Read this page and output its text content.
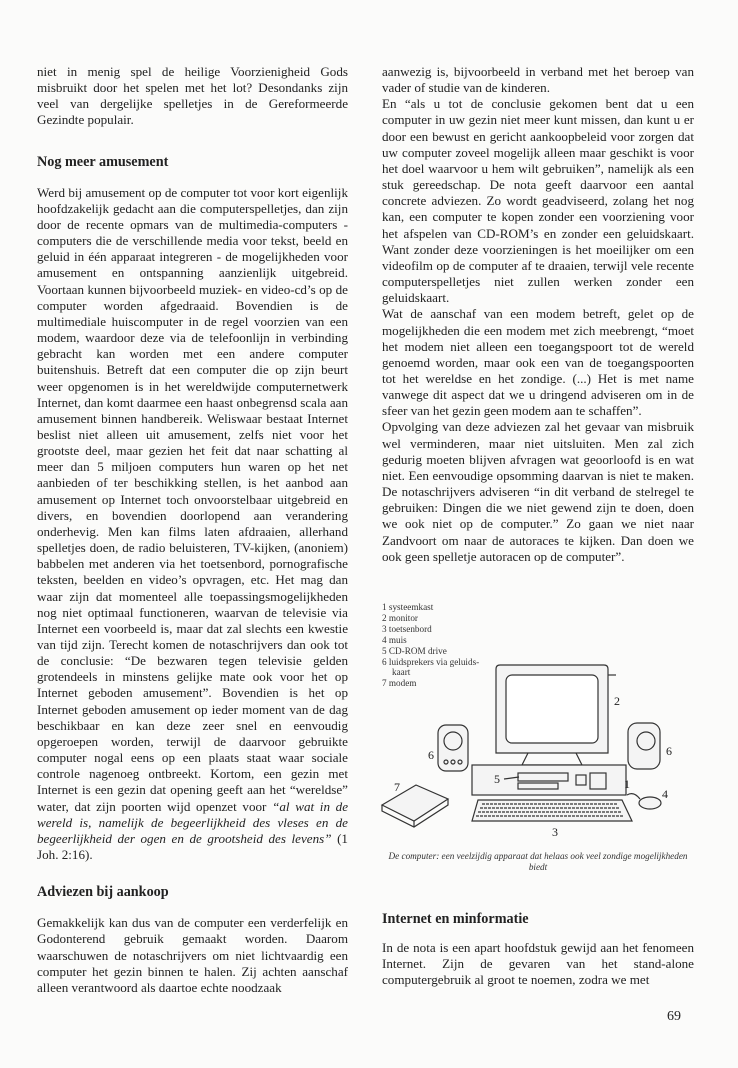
niet in menig spel de heilige Voorzienigheid Gods misbruikt door het spelen met het lot? Desondanks zijn veel van dergelijke spelletjes in de Gereformeerde Gezindte populair.

Nog meer amusement

Werd bij amusement op de computer tot voor kort eigenlijk hoofdzakelijk gedacht aan die computerspelletjes, dan zijn door de recente opmars van de multimedia-computers - computers die de verschillende media voor tekst, beeld en geluid in één apparaat integreren - de mogelijkheden voor amusement en ontspanning aanzienlijk uitgebreid. Voortaan kunnen bijvoorbeeld muziek- en video-cd’s op de computer worden afgedraaid. Bovendien is de multimediale huiscomputer in de regel voorzien van een modem, waardoor deze via de telefoonlijn in verbinding gebracht kan worden met een andere computer buitenshuis. Betreft dat een computer die op zijn beurt weer opgenomen is in het wereldwijde computernetwerk Internet, dan komt daarmee een haast onbegrensd scala aan amusement binnen handbereik. Weliswaar bestaat Internet beslist niet alleen uit amusement, zelfs niet voor het grootste deel, maar gezien het feit dat naar schatting al meer dan 5 miljoen computers hun waren op het net aanbieden of ter beschikking stellen, is het aanbod aan amusement op Internet toch onvoorstelbaar uitgebreid en divers, en bovendien doorlopend aan verandering onderhevig. Men kan films laten afdraaien, allerhand spelletjes doen, de radio beluisteren, TV-kijken, (anoniem) babbelen met anderen via het toetsenbord, pornografische teksten, beelden en video’s opvragen, etc. Het mag dan waar zijn dat momenteel alle toepassingsmogelijkheden nog niet optimaal functioneren, waarvan de televisie via Internet een voorbeeld is, maar dat zal slechts een kwestie van tijd zijn. Terecht komen de notaschrijvers dan ook tot de conclusie: “De bezwaren tegen televisie gelden grotendeels in minstens gelijke mate ook voor het op Internet geboden amusement”. Bovendien is het op Internet geboden amusement op ieder moment van de dag beschikbaar en kan deze zeer snel en eenvoudig opgeroepen worden, terwijl de daarvoor gebruikte computer nogal eens op een plaats staat waar sociale controle nagenoeg ontbreekt. Kortom, een gezin met Internet is een gezin dat opening geeft aan het “wereldse” water, dat zijn poorten wijd openzet voor “al wat in de wereld is, namelijk de begeerlijkheid des vleses en de begeerlijkheid der ogen en de grootsheid des levens” (1 Joh. 2:16).

Adviezen bij aankoop

Gemakkelijk kan dus van de computer een verderfelijk en Godonterend gebruik gemaakt worden. Daarom waarschuwen de notaschrijvers om niet lichtvaardig een computer het gezin binnen te halen. Zij achten aanschaf alleen verantwoord als daartoe echte noodzaak

aanwezig is, bijvoorbeeld in verband met het beroep van vader of studie van de kinderen.

En “als u tot de conclusie gekomen bent dat u een computer in uw gezin niet meer kunt missen, dan kunt u er door een bewust en gericht aankoopbeleid voor zorgen dat uw computer zoveel mogelijk alleen maar geschikt is voor het doel waarvoor u hem wilt gebruiken”, namelijk als een stuk gereedschap. De nota geeft daarvoor een aantal concrete adviezen. Zo wordt geadviseerd, zolang het nog kan, een computer te kopen zonder een voorziening voor het afspelen van CD-ROM’s en zonder een geluidskaart. Want zonder deze voorzieningen is het moeilijker om een videofilm op de computer af te draaien, terwijl vele recente computerspelletjes niet zullen werken zonder een geluidskaart.

Wat de aanschaf van een modem betreft, gelet op de mogelijkheden die een modem met zich meebrengt, “moet het modem niet alleen een toegangspoort tot de wereld genoemd worden, maar ook een van de toegangspoorten tot het wereldse en het zondige. (...) Het is met name vanwege dit aspect dat we u dringend adviseren om in de sfeer van het gezin geen modem aan te schaffen”.

Opvolging van deze adviezen zal het gevaar van misbruik wel verminderen, maar niet uitsluiten. Men zal zich gedurig moeten blijven afvragen wat geoorloofd is en wat niet. Een eenvoudige opsomming daarvan is niet te maken. De notaschrijvers adviseren “in dit verband de stelregel te gebruiken: Dingen die we niet gewend zijn te doen, doen we ook niet op de computer.” Zo gaan we niet naar Zandvoort om naar de autoraces te kijken. Dan doen we ook geen spelletje autoracen op de computer”.

1 systeemkast
2 monitor
3 toetsenbord
4 muis
5 CD-ROM drive
6 luidsprekers via geluids-
kaart
7 modem
1
2
3
4
5
6	6
7
De computer: een veelzijdig apparaat dat helaas ook veel zondige mogelijkheden biedt
Internet en minformatie
In de nota is een apart hoofdstuk gewijd aan het fenomeen Internet. Zijn de gevaren van het stand-alone computergebruik al groot te noemen, zodra we met
69
